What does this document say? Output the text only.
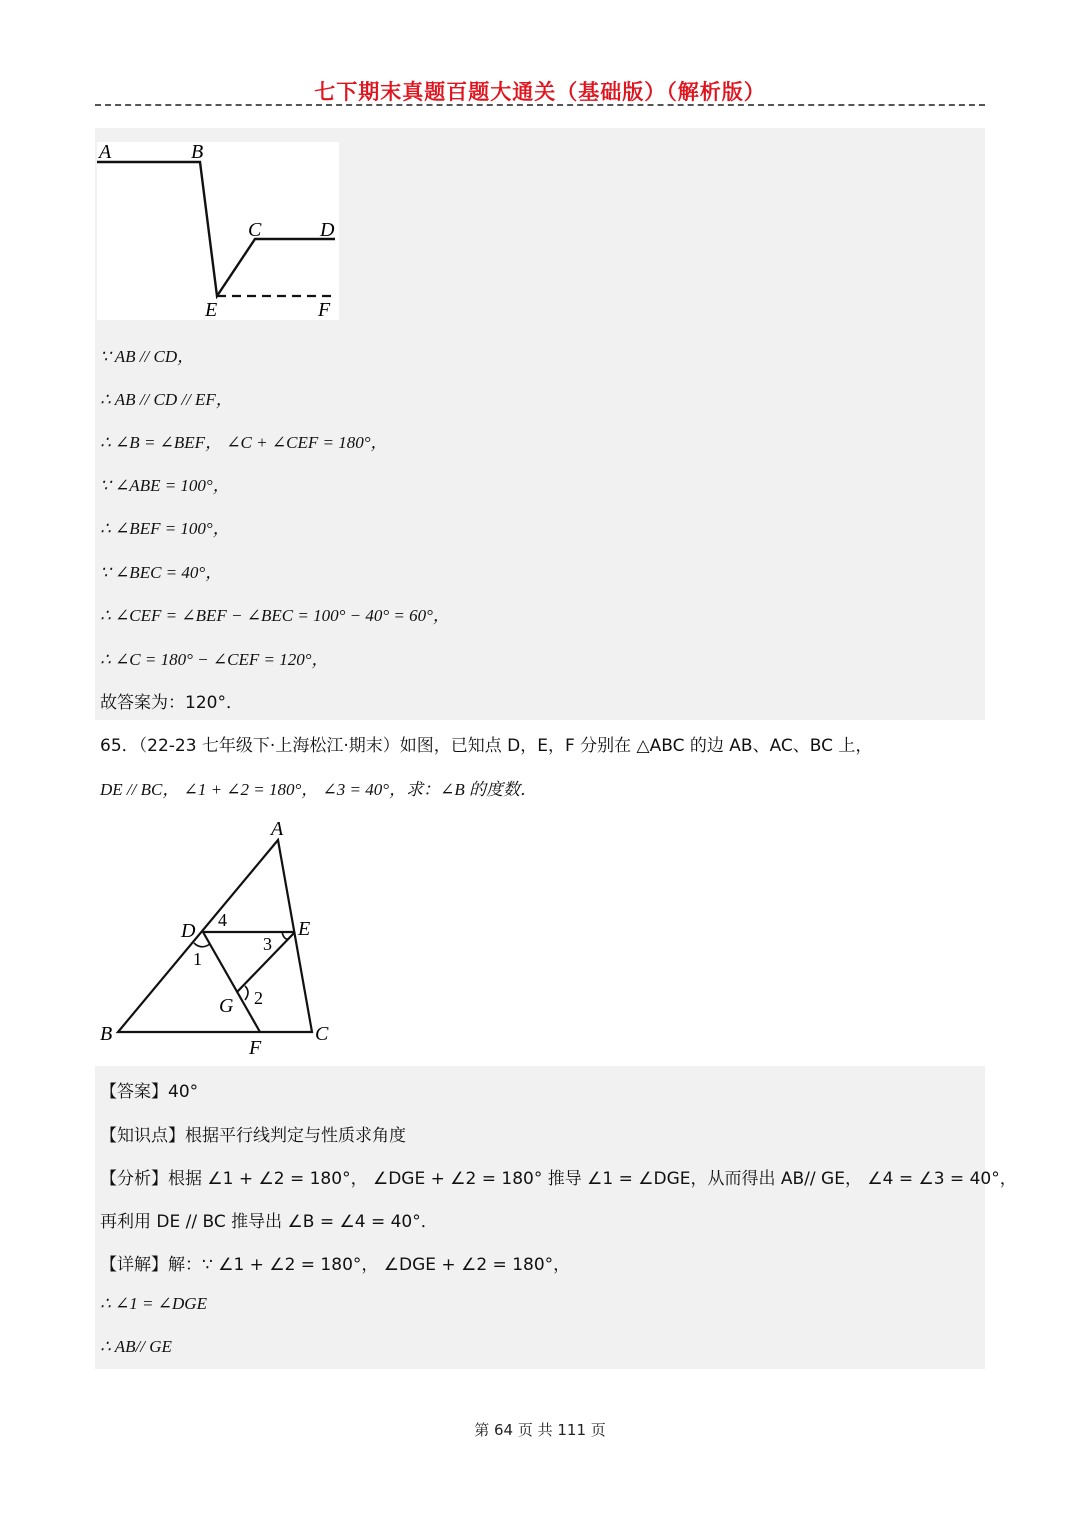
七下期末真题百题大通关（基础版）（解析版）
A	B
C	D
E	F
∵ AB // CD，
∴ AB // CD // EF，
∴ ∠B = ∠BEF， ∠C + ∠CEF = 180°，
∵ ∠ABE = 100°，
∴ ∠BEF = 100°，
∵ ∠BEC = 40°，
∴ ∠CEF = ∠BEF − ∠BEC = 100° − 40° = 60°，
∴ ∠C = 180° − ∠CEF = 120°，
故答案为：120°．
65．（22-23 七年级下·上海松江·期末）如图，已知点 D，E，F 分别在 △ABC 的边 AB、AC、BC 上，
DE // BC， ∠1 + ∠2 = 180°， ∠3 = 40°，求：∠B 的度数．
A
B	C
D	E
F
G
1
2
3
4
【答案】40°
【知识点】根据平行线判定与性质求角度
【分析】根据 ∠1 + ∠2 = 180°， ∠DGE + ∠2 = 180° 推导 ∠1 = ∠DGE，从而得出 AB// GE， ∠4 = ∠3 = 40°，
再利用 DE // BC 推导出 ∠B = ∠4 = 40°．
【详解】解：∵ ∠1 + ∠2 = 180°， ∠DGE + ∠2 = 180°，
∴ ∠1 = ∠DGE
∴ AB// GE
第 64 页 共 111 页
